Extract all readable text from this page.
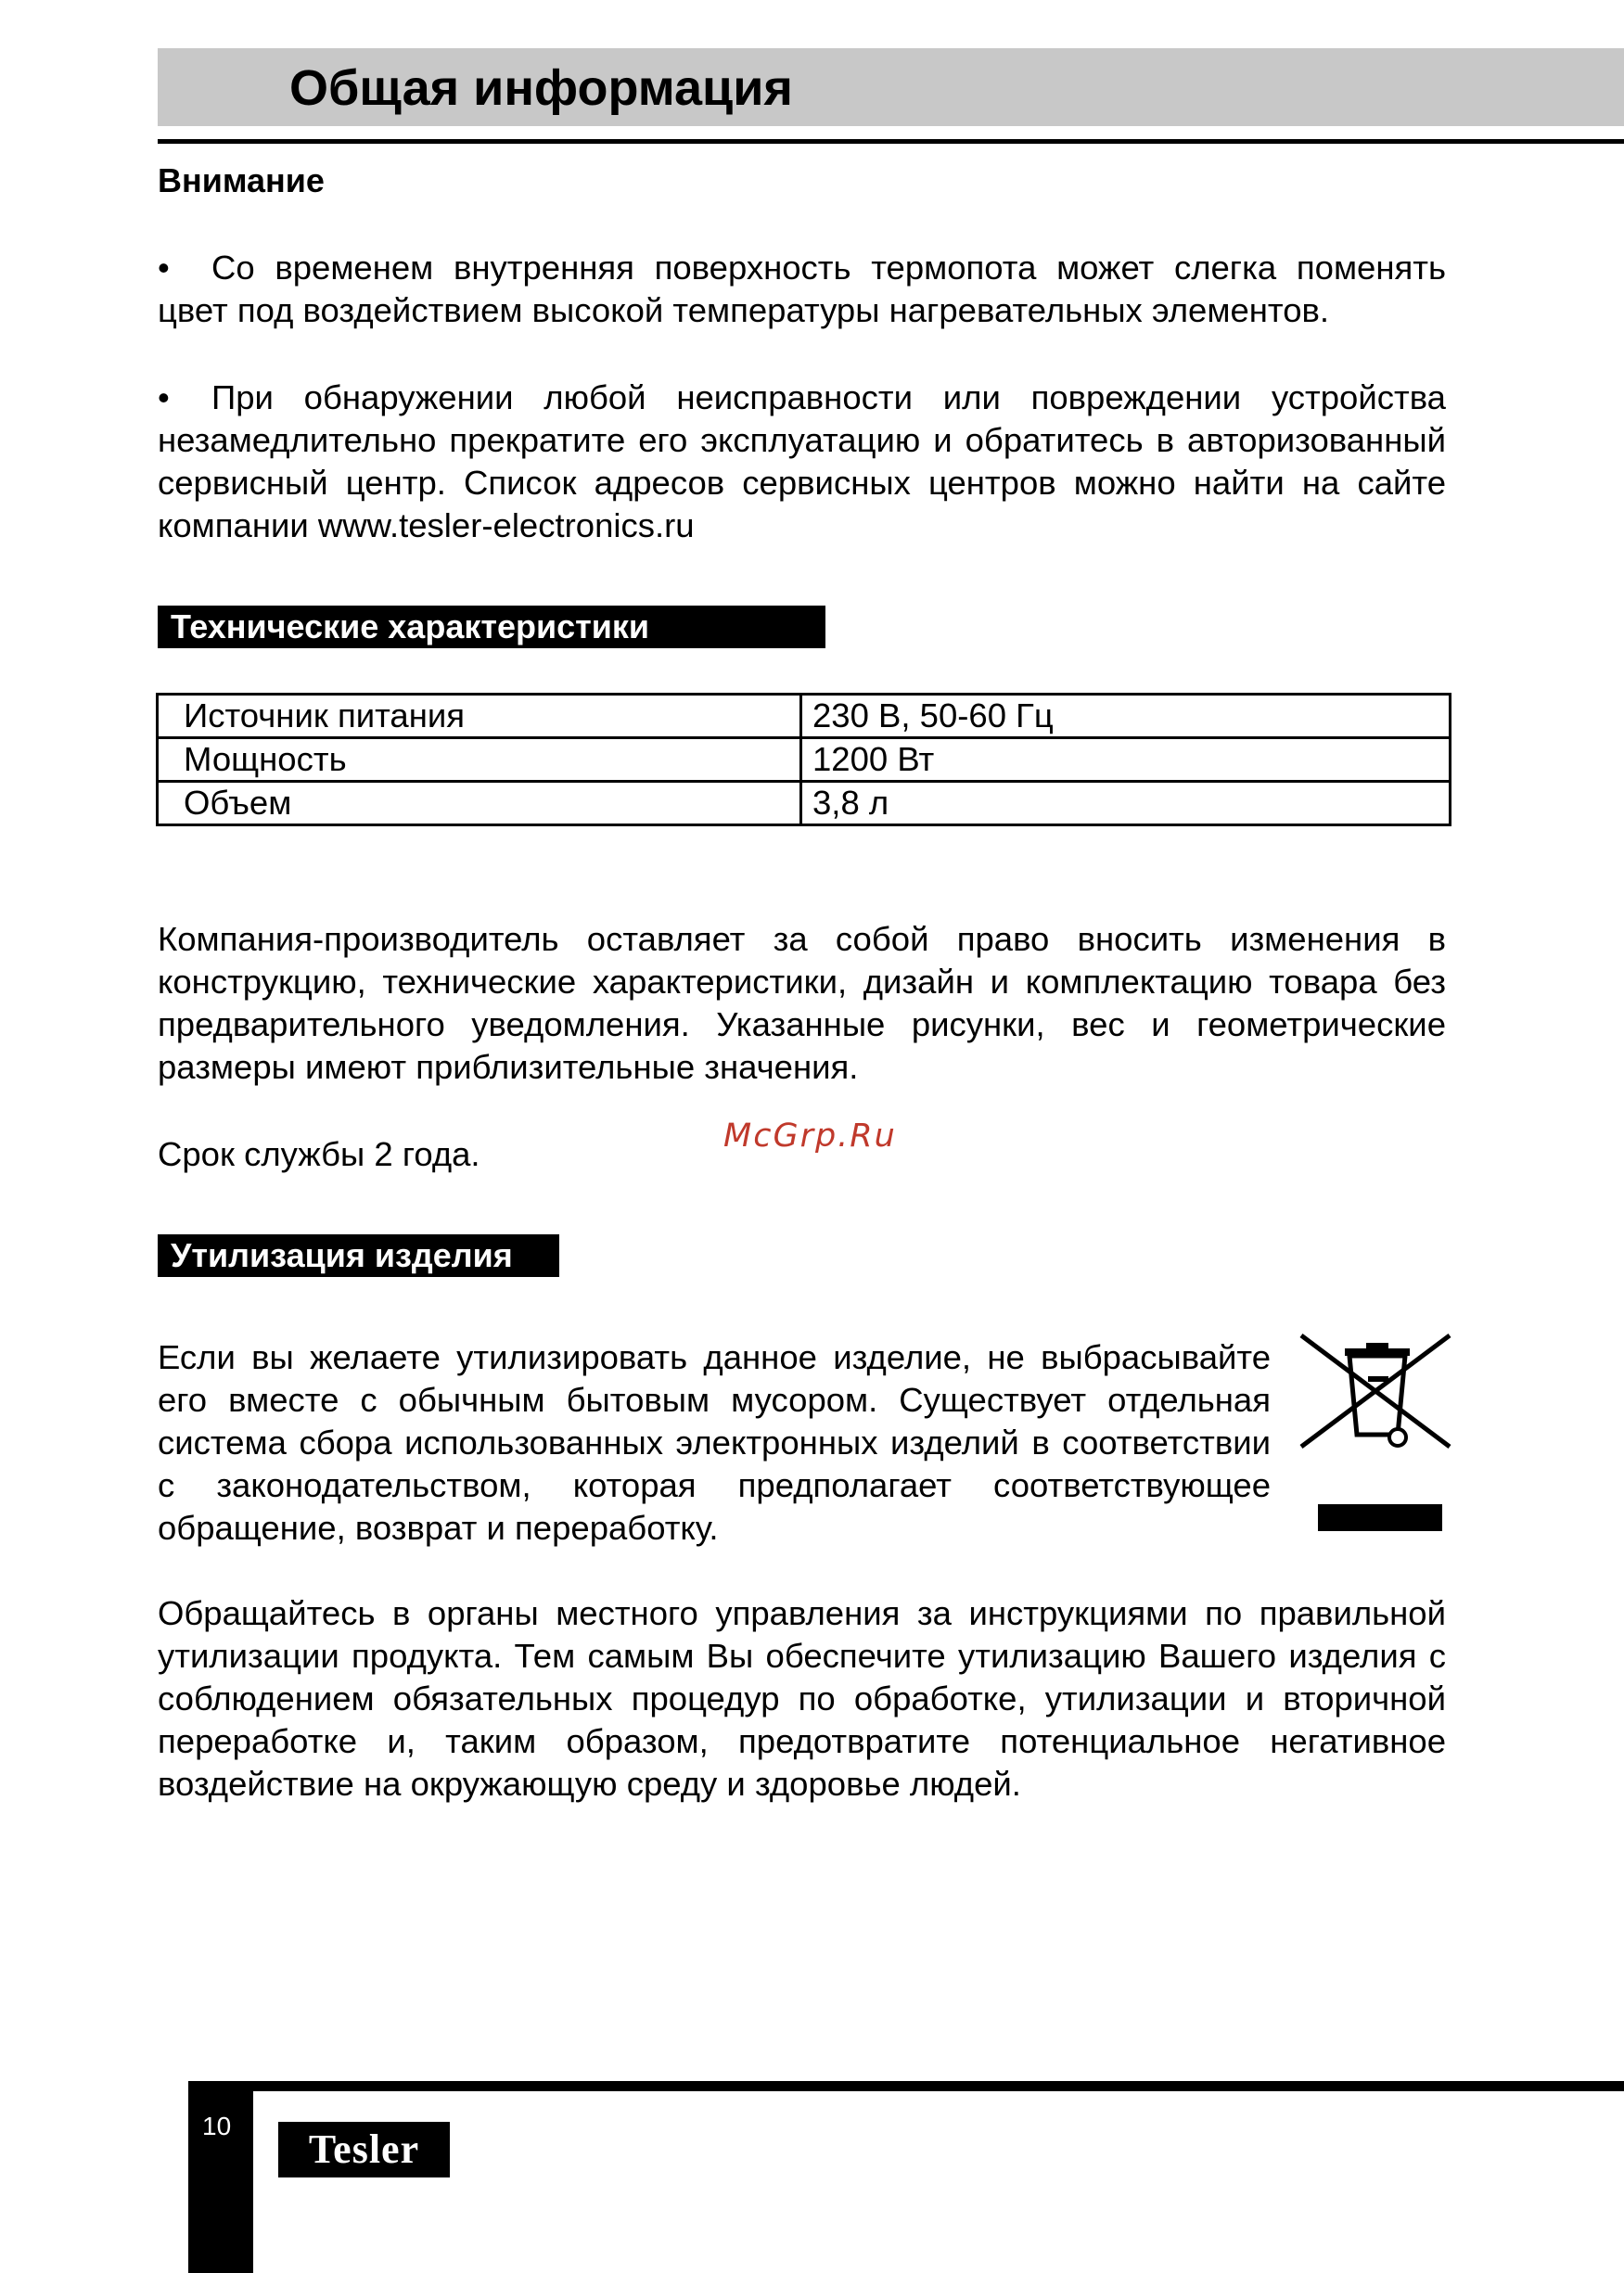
Общая информация
Внимание
• Со временем внутренняя поверхность термопота может слегка поменять цвет под воздействием высокой температуры нагревательных элементов.
• При обнаружении любой неисправности или повреждении устройства незамедлительно прекратите его эксплуатацию и обратитесь в авторизованный сервисный центр. Список адресов сервисных центров можно найти на сайте компании www.tesler-electronics.ru
Технические характеристики
Источник питания	230 В, 50-60 Гц
Мощность	1200 Вт
Объем	3,8 л
Компания-производитель оставляет за собой право вносить изменения в конструкцию, технические характеристики, дизайн и комплектацию товара без предварительного уведомления. Указанные рисунки, вес и геометрические размеры имеют приблизительные значения.
Срок службы 2 года.	McGrp.Ru
Утилизация изделия
Если вы желаете утилизировать данное изделие, не выбрасывайте его вместе с обычным бытовым мусором. Существует отдельная система сбора использованных электронных изделий в соответствии с законодательством, которая предполагает соответствующее обращение, возврат и переработку.
Обращайтесь в органы местного управления за инструкциями по правильной утилизации продукта. Тем самым Вы обеспечите утилизацию Вашего изделия с соблюдением обязательных процедур по обработке, утилизации и вторичной переработке и, таким образом, предотвратите потенциальное негативное воздействие на окружающую среду и здоровье людей.
10
Tesler
